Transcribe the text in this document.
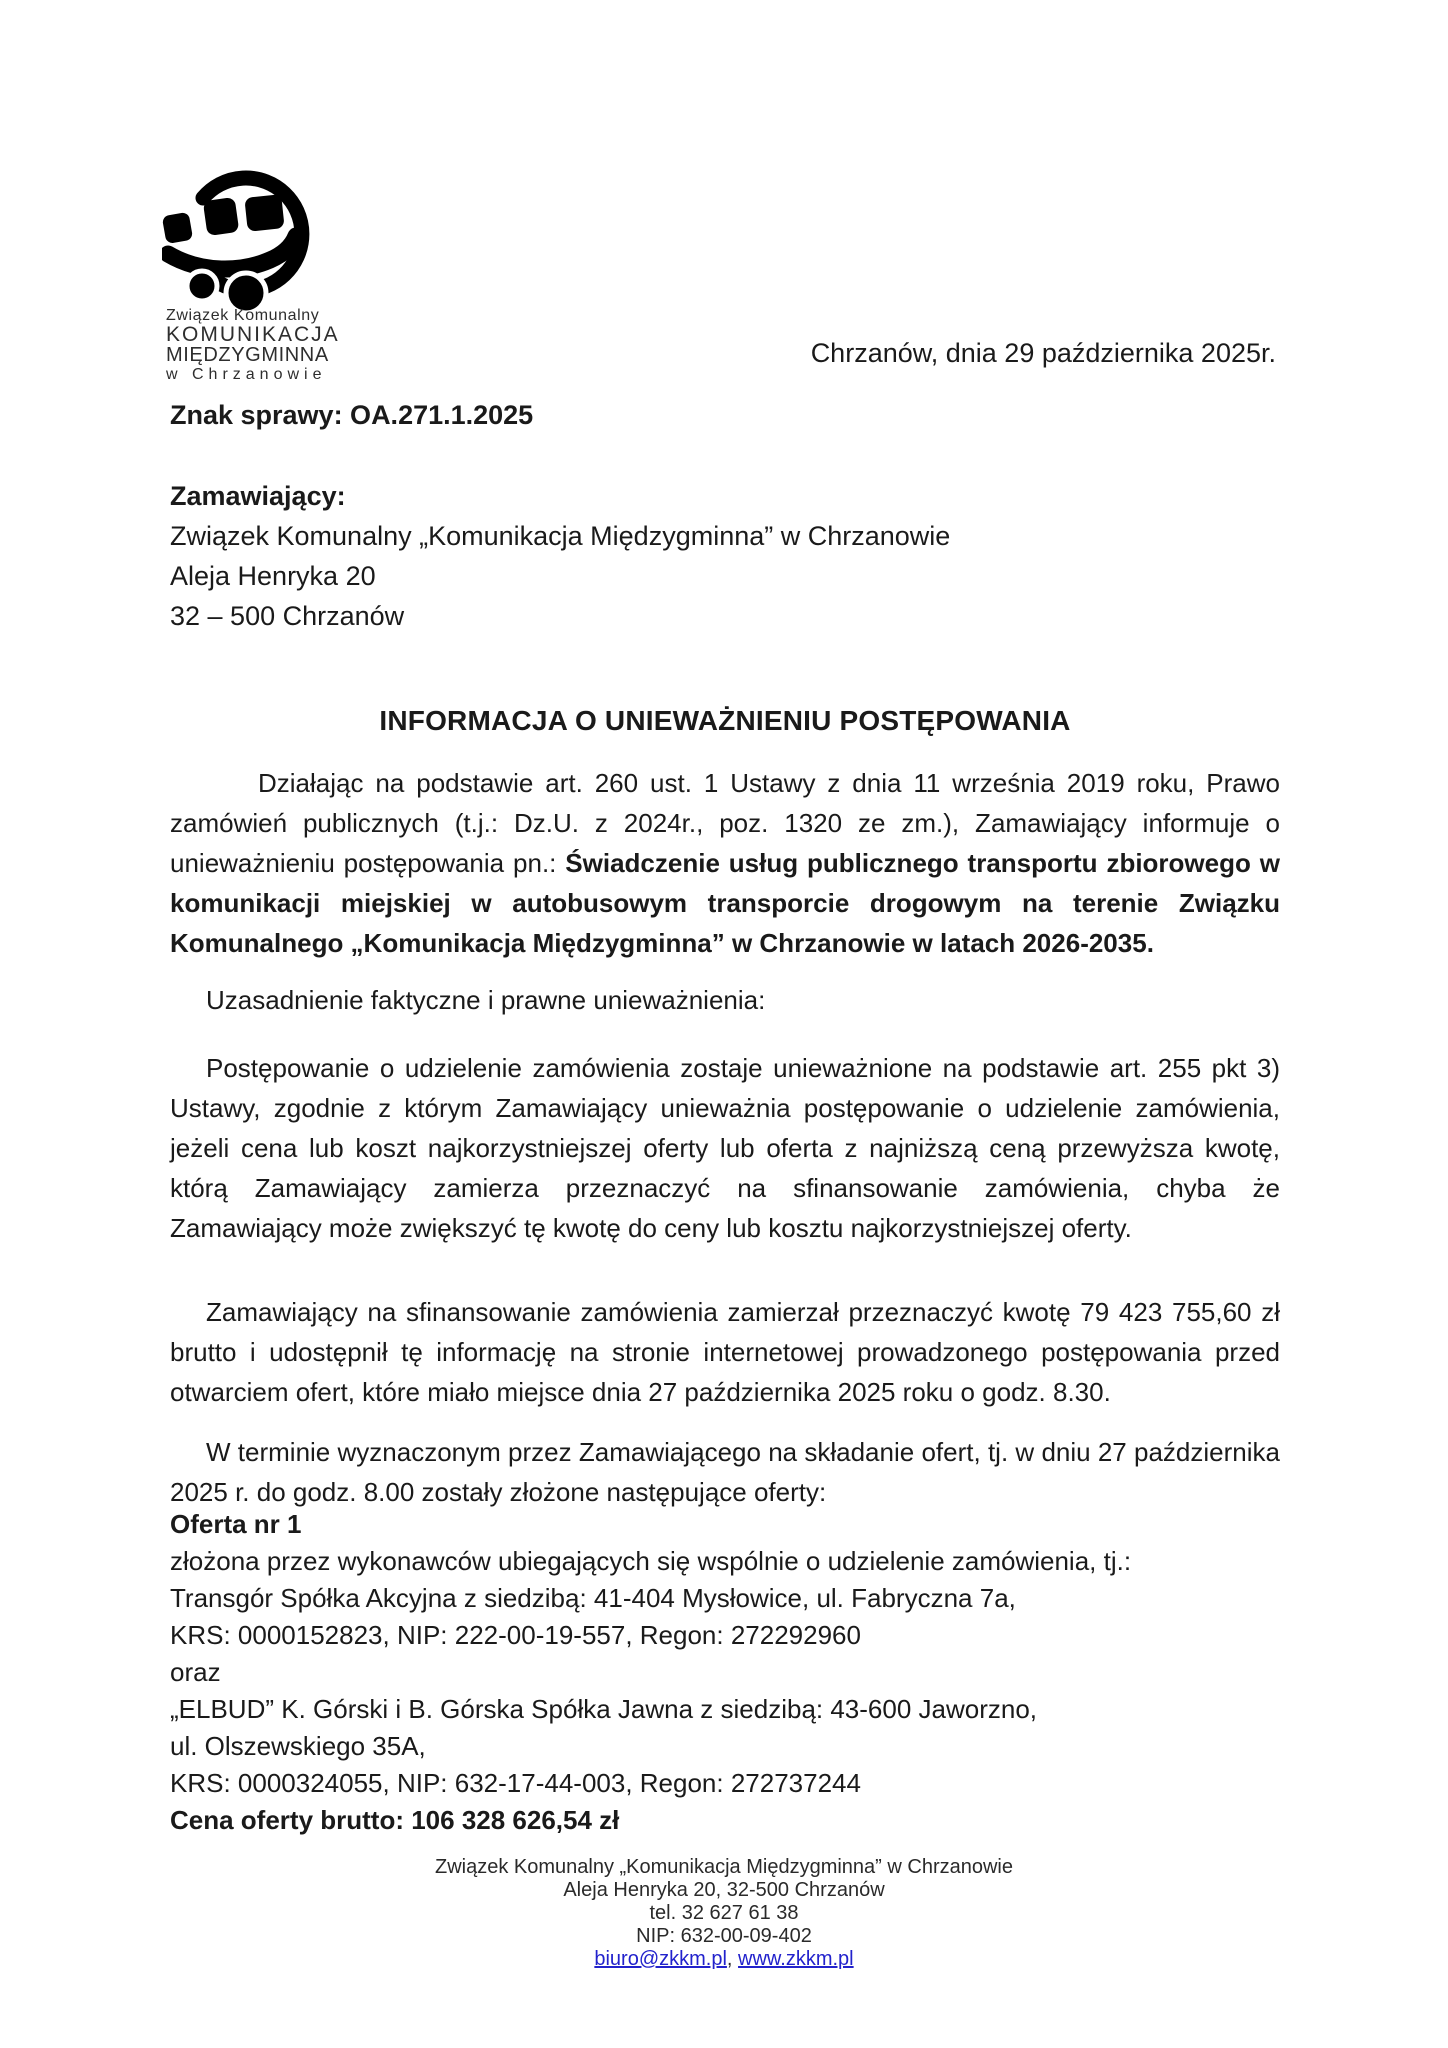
Związek Komunalny
KOMUNIKACJA
MIĘDZYGMINNA
w Chrzanowie
Chrzanów, dnia 29 października 2025r.
Znak sprawy: OA.271.1.2025
Zamawiający:
Związek Komunalny „Komunikacja Międzygminna” w Chrzanowie
Aleja Henryka 20
32 – 500 Chrzanów
INFORMACJA O UNIEWAŻNIENIU POSTĘPOWANIA
Działając na podstawie art. 260 ust. 1 Ustawy z dnia 11 września 2019 roku, Prawo zamówień publicznych (t.j.: Dz.U. z 2024r., poz. 1320 ze zm.), Zamawiający informuje o unieważnieniu postępowania pn.: Świadczenie usług publicznego transportu zbiorowego w komunikacji miejskiej w autobusowym transporcie drogowym na terenie Związku Komunalnego „Komunikacja Międzygminna” w Chrzanowie w latach 2026-2035.
Uzasadnienie faktyczne i prawne unieważnienia:
Postępowanie o udzielenie zamówienia zostaje unieważnione na podstawie art. 255 pkt 3) Ustawy, zgodnie z którym Zamawiający unieważnia postępowanie o udzielenie zamówienia, jeżeli cena lub koszt najkorzystniejszej oferty lub oferta z najniższą ceną przewyższa kwotę, którą Zamawiający zamierza przeznaczyć na sfinansowanie zamówienia, chyba że Zamawiający może zwiększyć tę kwotę do ceny lub kosztu najkorzystniejszej oferty.
Zamawiający na sfinansowanie zamówienia zamierzał przeznaczyć kwotę 79 423 755,60 zł brutto i udostępnił tę informację na stronie internetowej prowadzonego postępowania przed otwarciem ofert, które miało miejsce dnia 27 października 2025 roku o godz. 8.30.
W terminie wyznaczonym przez Zamawiającego na składanie ofert, tj. w dniu 27 października 2025 r. do godz. 8.00 zostały złożone następujące oferty:
Oferta nr 1
złożona przez wykonawców ubiegających się wspólnie o udzielenie zamówienia, tj.:
Transgór Spółka Akcyjna z siedzibą: 41-404 Mysłowice, ul. Fabryczna 7a,
KRS: 0000152823, NIP: 222-00-19-557, Regon: 272292960
oraz
„ELBUD” K. Górski i B. Górska Spółka Jawna z siedzibą: 43-600 Jaworzno,
ul. Olszewskiego 35A,
KRS: 0000324055, NIP: 632-17-44-003, Regon: 272737244
Cena oferty brutto: 106 328 626,54 zł
Związek Komunalny „Komunikacja Międzygminna” w Chrzanowie
Aleja Henryka 20, 32-500 Chrzanów
tel. 32 627 61 38
NIP: 632-00-09-402
biuro@zkkm.pl, www.zkkm.pl
